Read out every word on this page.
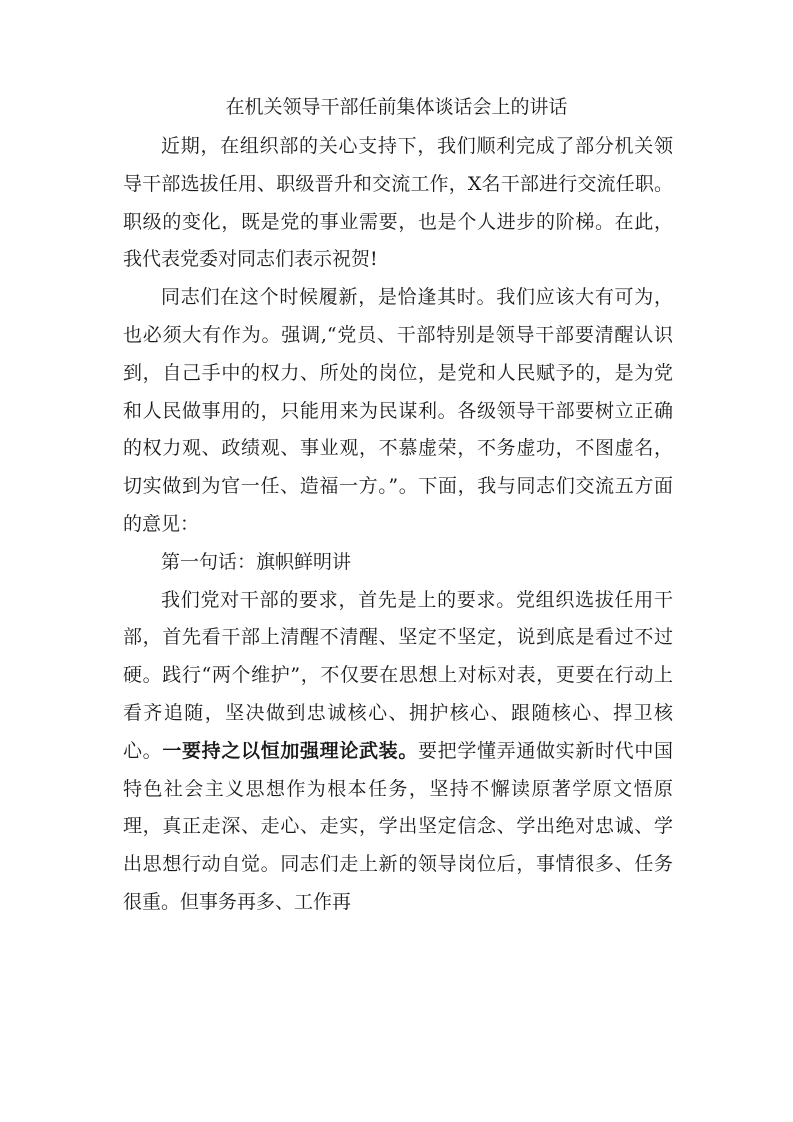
在机关领导干部任前集体谈话会上的讲话

近期，在组织部的关心支持下，我们顺利完成了部分机关领导干部选拔任用、职级晋升和交流工作，X名干部进行交流任职。职级的变化，既是党的事业需要，也是个人进步的阶梯。在此，我代表党委对同志们表示祝贺!

同志们在这个时候履新，是恰逢其时。我们应该大有可为，也必须大有作为。强调,“党员、干部特别是领导干部要清醒认识到，自己手中的权力、所处的岗位，是党和人民赋予的，是为党和人民做事用的，只能用来为民谋利。各级领导干部要树立正确的权力观、政绩观、事业观，不慕虚荣，不务虚功，不图虚名，切实做到为官一任、造福一方。”。下面，我与同志们交流五方面的意见：

第一句话：旗帜鲜明讲

我们党对干部的要求，首先是上的要求。党组织选拔任用干部，首先看干部上清醒不清醒、坚定不坚定，说到底是看过不过硬。践行“两个维护”，不仅要在思想上对标对表，更要在行动上看齐追随，坚决做到忠诚核心、拥护核心、跟随核心、捍卫核心。一要持之以恒加强理论武装。要把学懂弄通做实新时代中国特色社会主义思想作为根本任务，坚持不懈读原著学原文悟原理，真正走深、走心、走实，学出坚定信念、学出绝对忠诚、学出思想行动自觉。同志们走上新的领导岗位后，事情很多、任务很重。但事务再多、工作再
